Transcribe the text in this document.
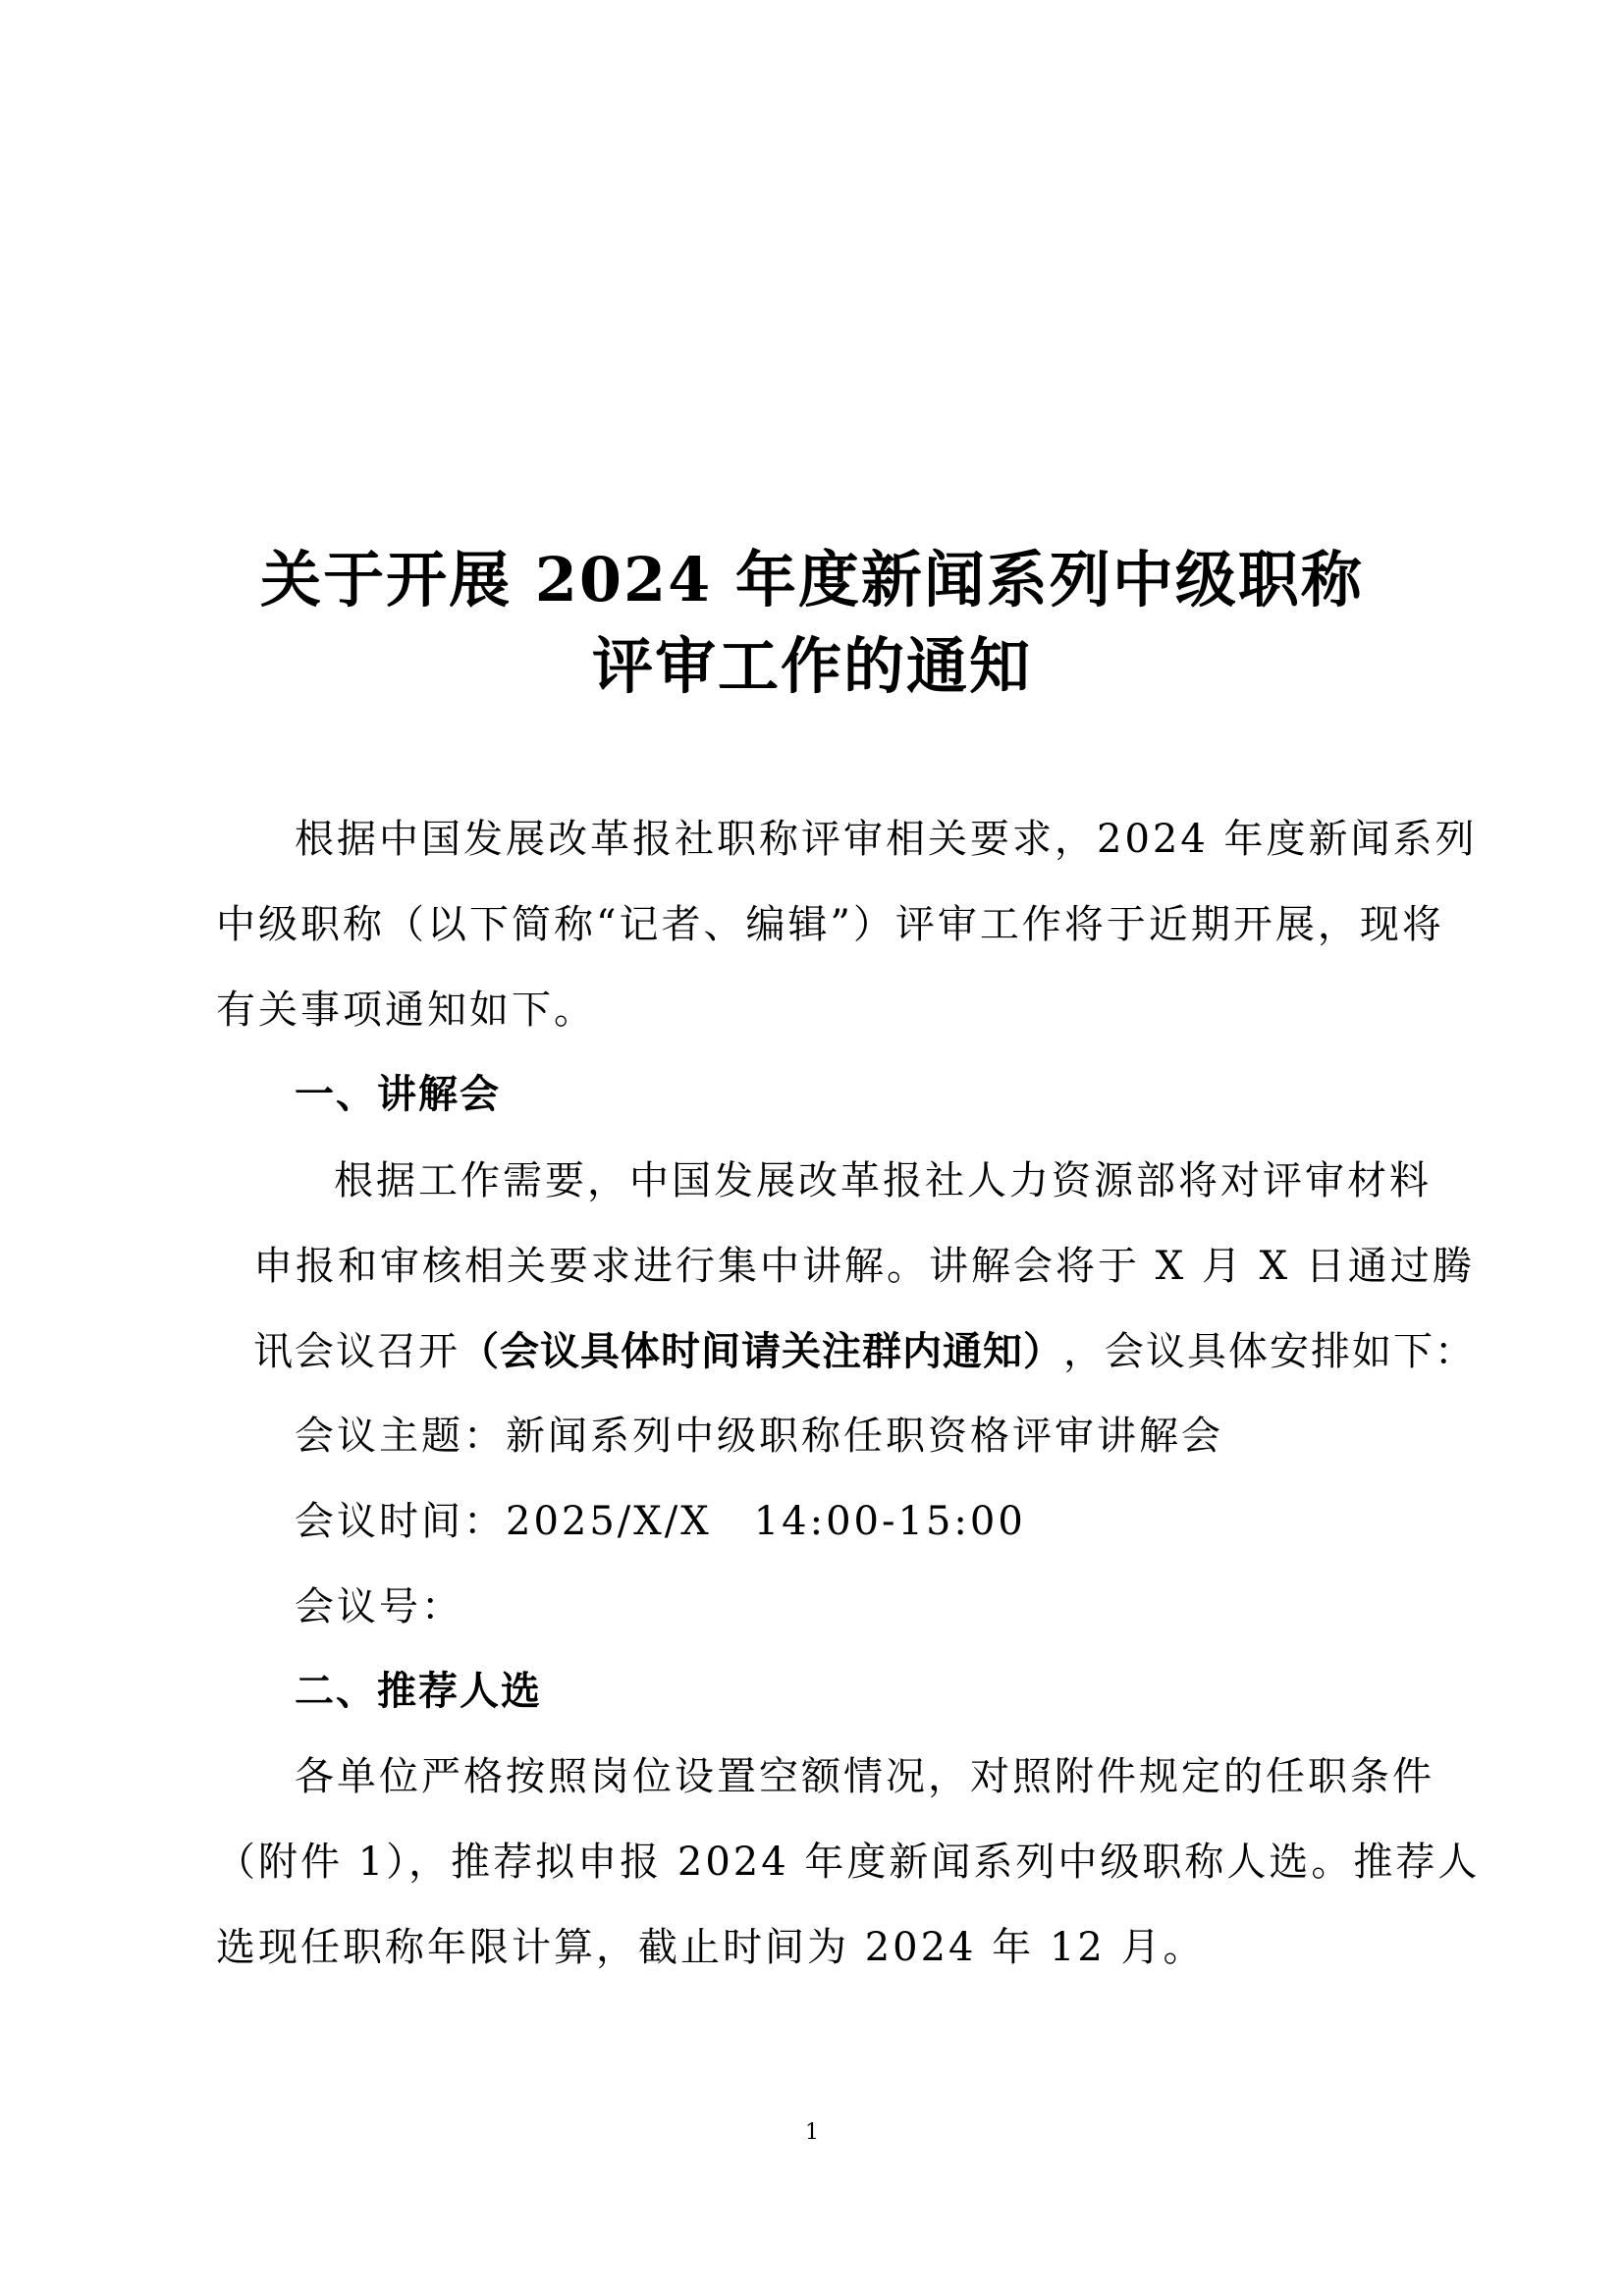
关于开展 2024 年度新闻系列中级职称
评审工作的通知
根据中国发展改革报社职称评审相关要求，2024 年度新闻系列
中级职称（以下简称“记者、编辑”）评审工作将于近期开展，现将
有关事项通知如下。
一、讲解会
根据工作需要，中国发展改革报社人力资源部将对评审材料
申报和审核相关要求进行集中讲解。讲解会将于 X 月 X 日通过腾
讯会议召开 （会议具体时间请关注群内通知） ，会议具体安排如下：
会议主题：新闻系列中级职称任职资格评审讲解会
会议时间：2025/X/X　14:00-15:00
会议号：
二、推荐人选
各单位严格按照岗位设置空额情况，对照附件规定的任职条件
（附件 1），推荐拟申报 2024 年度新闻系列中级职称人选。推荐人
选现任职称年限计算，截止时间为 2024 年 12 月。
1
